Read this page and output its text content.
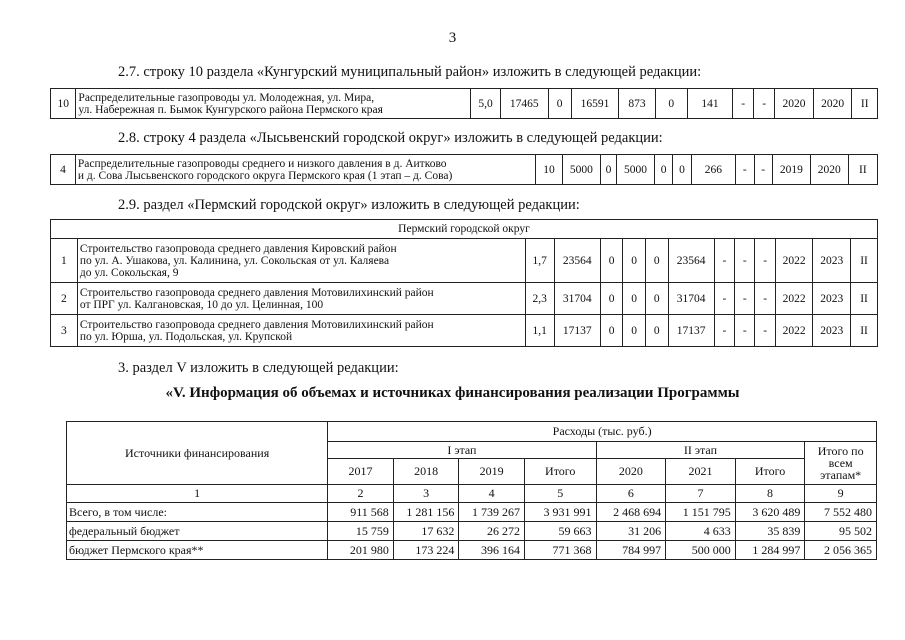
3
2.7. строку 10 раздела «Кунгурский муниципальный район» изложить в следующей редакции:
10	Распределительные газопроводы ул. Молодежная, ул. Мира,
ул. Набережная п. Бымок Кунгурского района Пермского края	5,0	17465	0	16591	873	0	141	-	-	2020	2020	II
2.8. строку 4 раздела «Лысьвенский городской округ» изложить в следующей редакции:
4	Распределительные газопроводы среднего и низкого давления в д. Аитково
и д. Сова Лысьвенского городского округа Пермского края (1 этап – д. Сова)	10	5000	0	5000	0	0	266	-	-	2019	2020	II
2.9. раздел «Пермский городской округ» изложить в следующей редакции:
Пермский городской округ													
1	Строительство газопровода среднего давления Кировский район
по ул. А. Ушакова, ул. Калинина, ул. Сокольская от ул. Каляева
до ул. Сокольская, 9	1,7	23564	0	0	0	23564	-	-	-	2022	2023	II
2	Строительство газопровода среднего давления Мотовилихинский район
от ПРГ ул. Калгановская, 10 до ул. Целинная, 100	2,3	31704	0	0	0	31704	-	-	-	2022	2023	II
3	Строительство газопровода среднего давления Мотовилихинский район
по ул. Юрша, ул. Подольская, ул. Крупской	1,1	17137	0	0	0	17137	-	-	-	2022	2023	II
3. раздел V изложить в следующей редакции:
«V. Информация об объемах и источниках финансирования реализации Программы
Источники финансирования	Расходы (тыс. руб.)							
	I этап				II этап			Итого по всем этапам*
	2017	2018	2019	Итого	2020	2021	Итого	
1	2	3	4	5	6	7	8	9
Всего, в том числе:	911 568	1 281 156	1 739 267	3 931 991	2 468 694	1 151 795	3 620 489	7 552 480
федеральный бюджет	15 759	17 632	26 272	59 663	31 206	4 633	35 839	95 502
бюджет Пермского края**	201 980	173 224	396 164	771 368	784 997	500 000	1 284 997	2 056 365
